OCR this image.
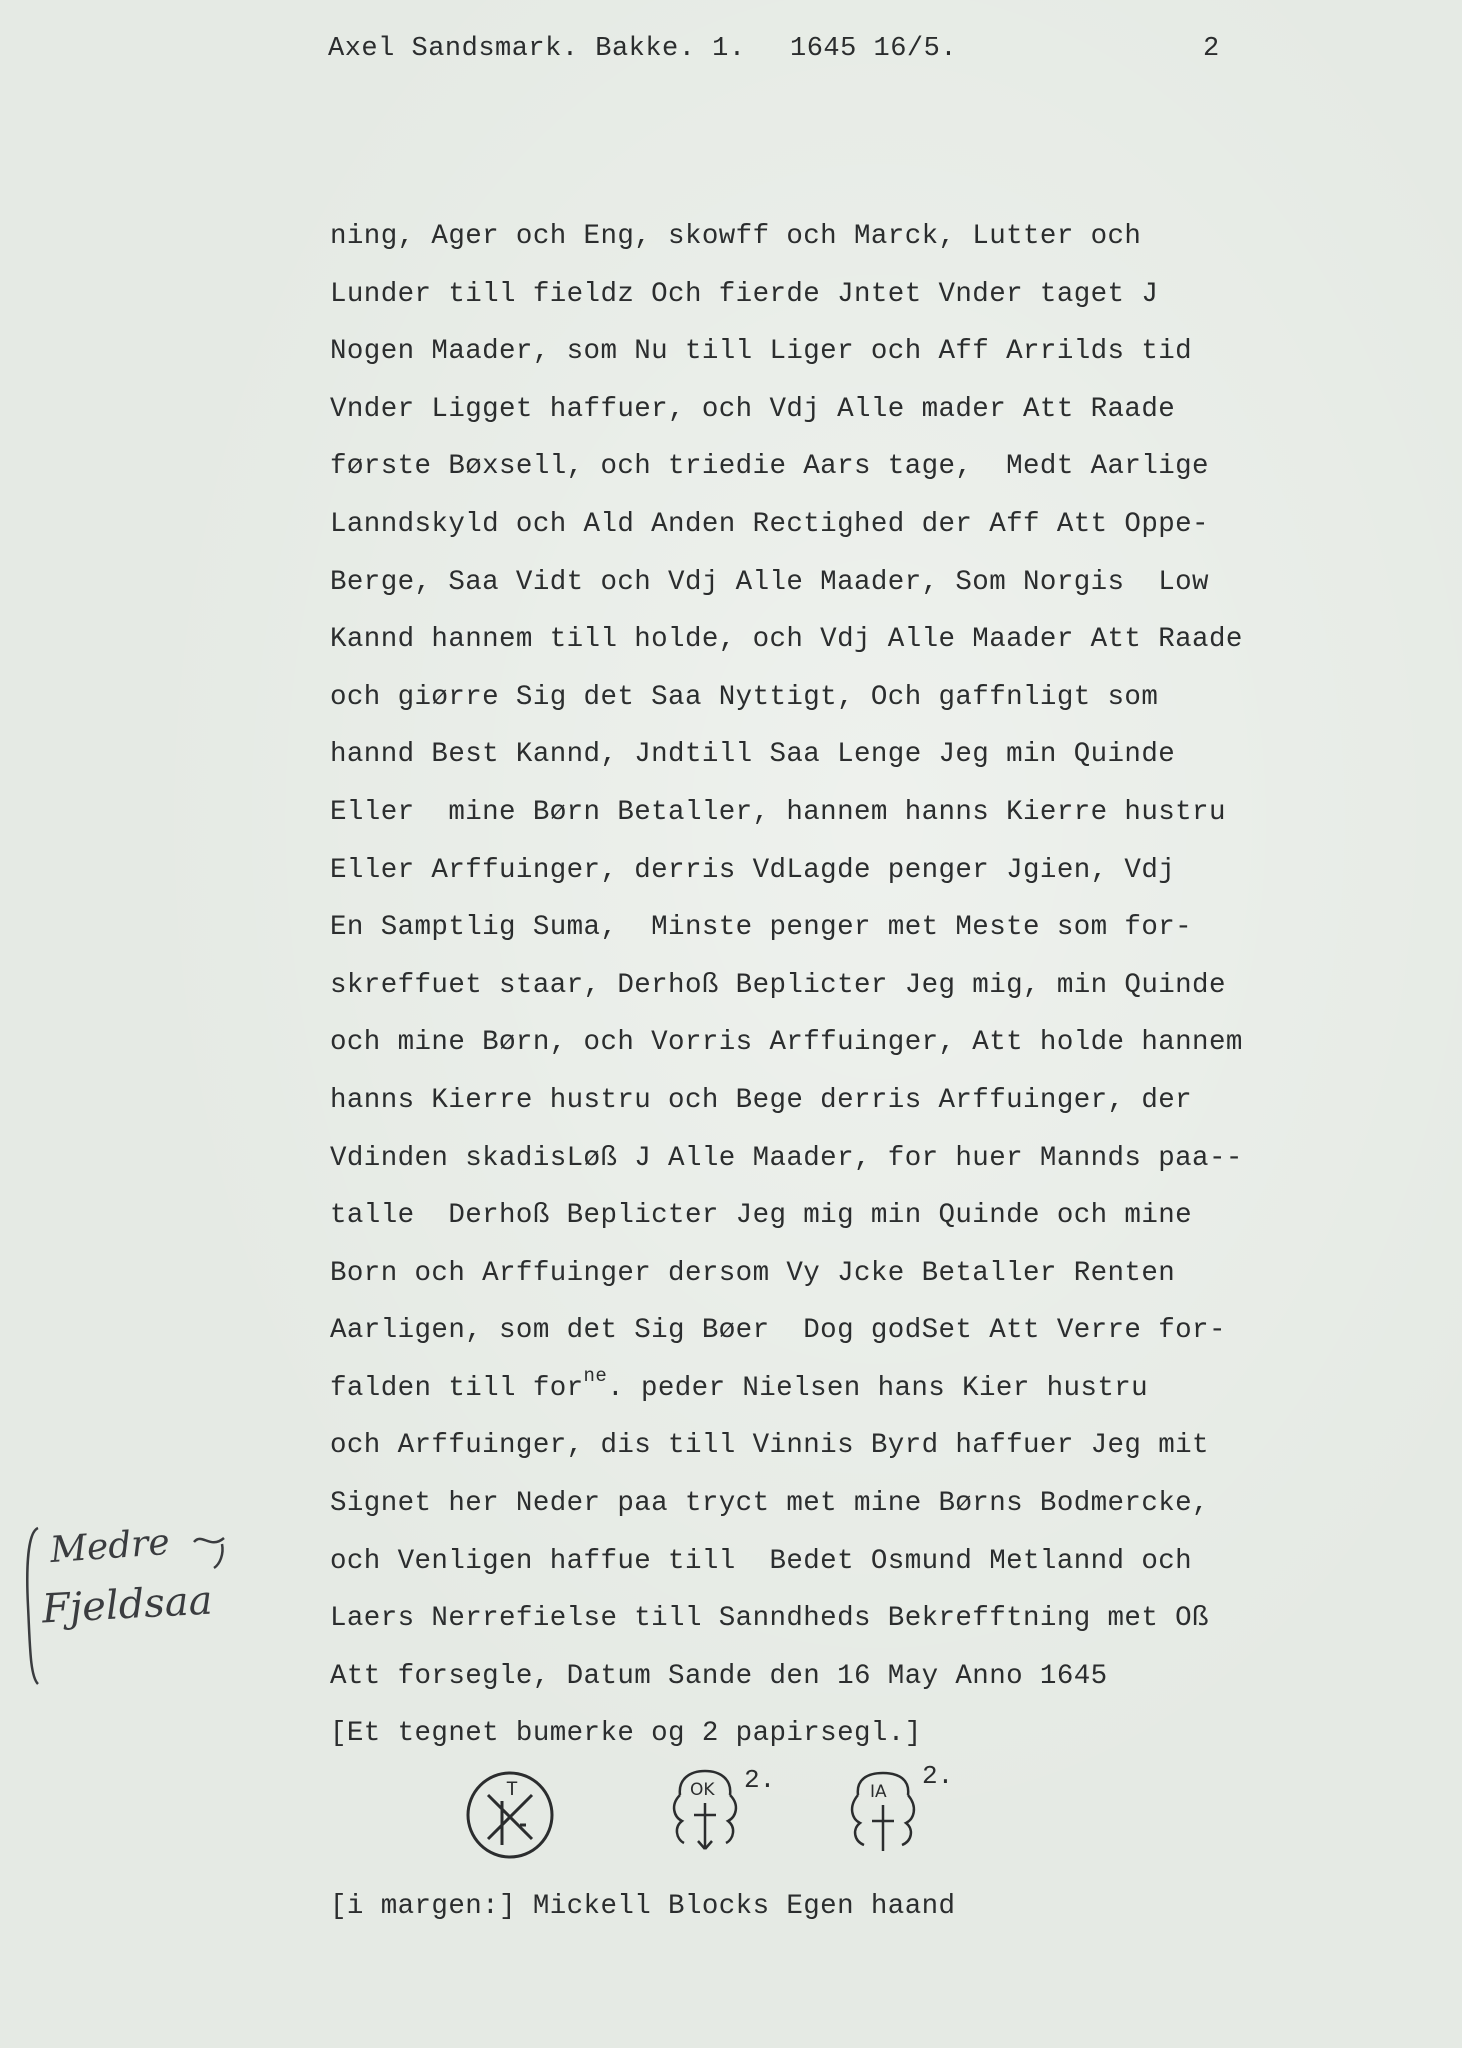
Axel Sandsmark. Bakke. 1.

1645 16/5.

	2

ning, Ager och Eng, skowff och Marck, Lutter och
Lunder till fieldz Och fierde Jntet Vnder taget J
Nogen Maader, som Nu till Liger och Aff Arrilds tid
Vnder Ligget haffuer, och Vdj Alle mader Att Raade
første Bøxsell, och triedie Aars tage,  Medt Aarlige
Lanndskyld och Ald Anden Rectighed der Aff Att Oppe-
Berge, Saa Vidt och Vdj Alle Maader, Som Norgis  Low
Kannd hannem till holde, och Vdj Alle Maader Att Raade
och giørre Sig det Saa Nyttigt, Och gaffnligt som
hannd Best Kannd, Jndtill Saa Lenge Jeg min Quinde
Eller  mine Børn Betaller, hannem hanns Kierre hustru
Eller Arffuinger, derris VdLagde penger Jgien, Vdj
En Samptlig Suma,  Minste penger met Meste som for-
skreffuet staar, Derhoß Beplicter Jeg mig, min Quinde
och mine Børn, och Vorris Arffuinger, Att holde hannem
hanns Kierre hustru och Bege derris Arffuinger, der
Vdinden skadisLøß J Alle Maader, for huer Mannds paa--
talle  Derhoß Beplicter Jeg mig min Quinde och mine
Born och Arffuinger dersom Vy Jcke Betaller Renten
Aarligen, som det Sig Bøer  Dog godSet Att Verre for-
falden till for$^{ne}$. peder Nielsen hans Kier hustru
och Arffuinger, dis till Vinnis Byrd haffuer Jeg mit
Signet her Neder paa tryct met mine Børns Bodmercke,
och Venligen haffue till  Bedet Osmund Metlannd och
Laers Nerrefielse till Sanndheds Bekrefftning met Oß
Att forsegle, Datum Sande den 16 May Anno 1645
[Et tegnet bumerke og 2 papirsegl.]
Medre
Fjeldsaa
T	OK 2.	IA
2.
[i margen:] Mickell Blocks Egen haand
